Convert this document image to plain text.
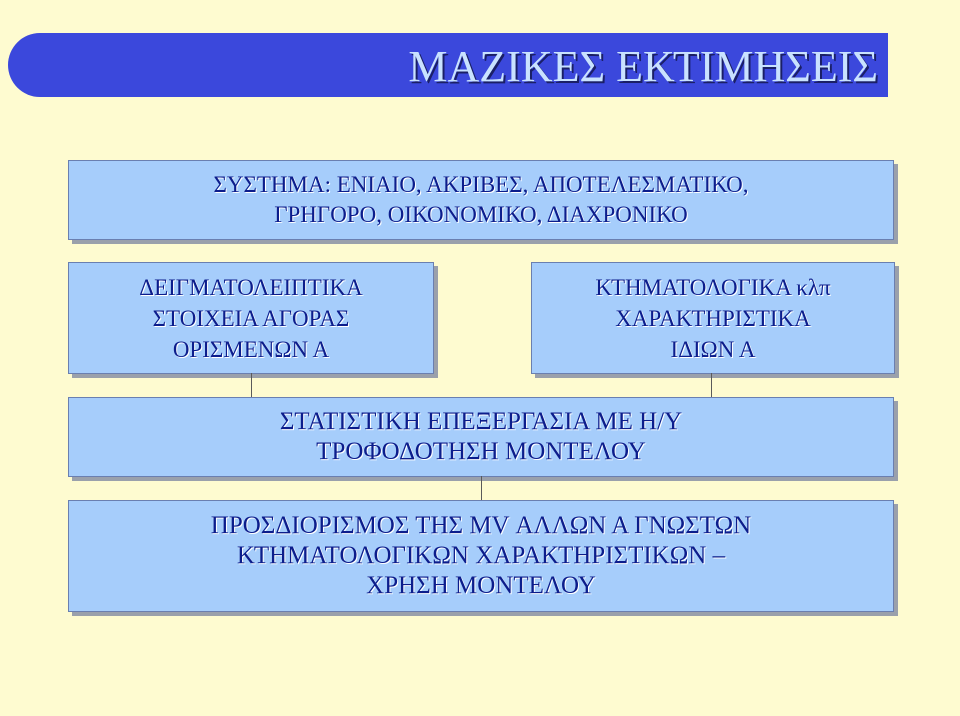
ΜΑΖΙΚΕΣ ΕΚΤΙΜΗΣΕΙΣ
ΣΥΣΤΗΜΑ: ΕΝΙΑΙΟ, ΑΚΡΙΒΕΣ, ΑΠΟΤΕΛΕΣΜΑΤΙΚΟ,
ΓΡΗΓΟΡΟ, ΟΙΚΟΝΟΜΙΚΟ, ΔΙΑΧΡΟΝΙΚΟ
ΔΕΙΓΜΑΤΟΛΕΙΠΤΙΚΑ
ΣΤΟΙΧΕΙΑ ΑΓΟΡΑΣ
ΟΡΙΣΜΕΝΩΝ Α
ΚΤΗΜΑΤΟΛΟΓΙΚΑ κλπ
ΧΑΡΑΚΤΗΡΙΣΤΙΚΑ
ΙΔΙΩΝ Α
ΣΤΑΤΙΣΤΙΚΗ ΕΠΕΞΕΡΓΑΣΙΑ ΜΕ Η/Υ
ΤΡΟΦΟΔΟΤΗΣΗ ΜΟΝΤΕΛΟΥ
ΠΡΟΣΔΙΟΡΙΣΜΟΣ ΤΗΣ ΜV ΑΛΛΩΝ Α ΓΝΩΣΤΩΝ
ΚΤΗΜΑΤΟΛΟΓΙΚΩΝ ΧΑΡΑΚΤΗΡΙΣΤΙΚΩΝ –
ΧΡΗΣΗ ΜΟΝΤΕΛΟΥ
